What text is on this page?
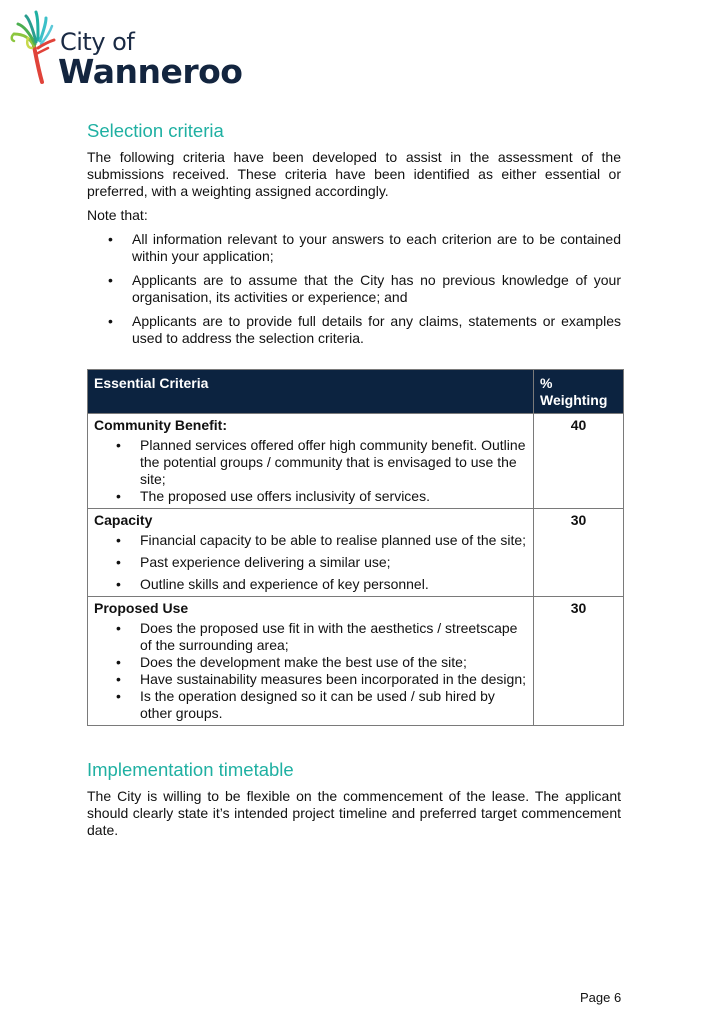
City of
Wanneroo
Selection criteria

The following criteria have been developed to assist in the assessment of the submissions received. These criteria have been identified as either essential or preferred, with a weighting assigned accordingly.

Note that:

• All information relevant to your answers to each criterion are to be contained within your application;
• Applicants are to assume that the City has no previous knowledge of your organisation, its activities or experience; and
• Applicants are to provide full details for any claims, statements or examples used to address the selection criteria.
Essential Criteria	% Weighting

Community Benefit:
• Planned services offered offer high community benefit. Outline the potential groups / community that is envisaged to use the site;
• The proposed use offers inclusivity of services.
	40

Capacity
• Financial capacity to be able to realise planned use of the site;
• Past experience delivering a similar use;
• Outline skills and experience of key personnel.
	30

Proposed Use
• Does the proposed use fit in with the aesthetics / streetscape of the surrounding area;
• Does the development make the best use of the site;
• Have sustainability measures been incorporated in the design;
• Is the operation designed so it can be used / sub hired by other groups.
	30
Implementation timetable

The City is willing to be flexible on the commencement of the lease. The applicant should clearly state it’s intended project timeline and preferred target commencement date.

Page 6
